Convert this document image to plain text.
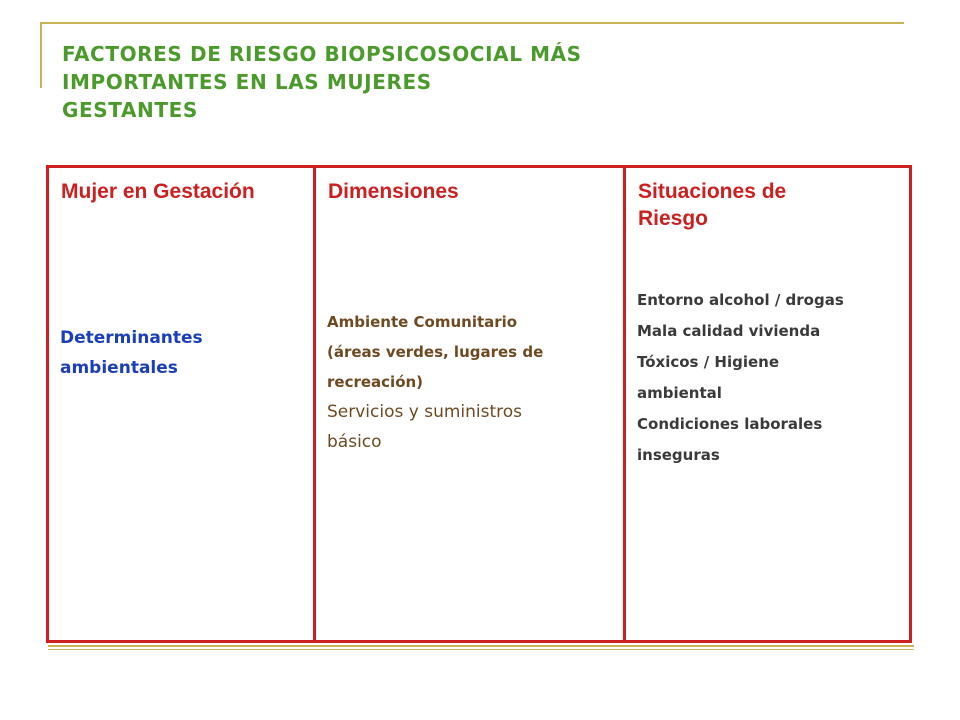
FACTORES DE RIESGO BIOPSICOSOCIAL MÁS
IMPORTANTES EN LAS MUJERES
GESTANTES
Mujer en Gestación
Determinantes
ambientales
Dimensiones
Ambiente Comunitario
(áreas verdes, lugares de
recreación)
Servicios y suministros
básico
Situaciones de
Riesgo
Entorno alcohol / drogas
Mala calidad vivienda
Tóxicos / Higiene
ambiental
Condiciones laborales
inseguras
